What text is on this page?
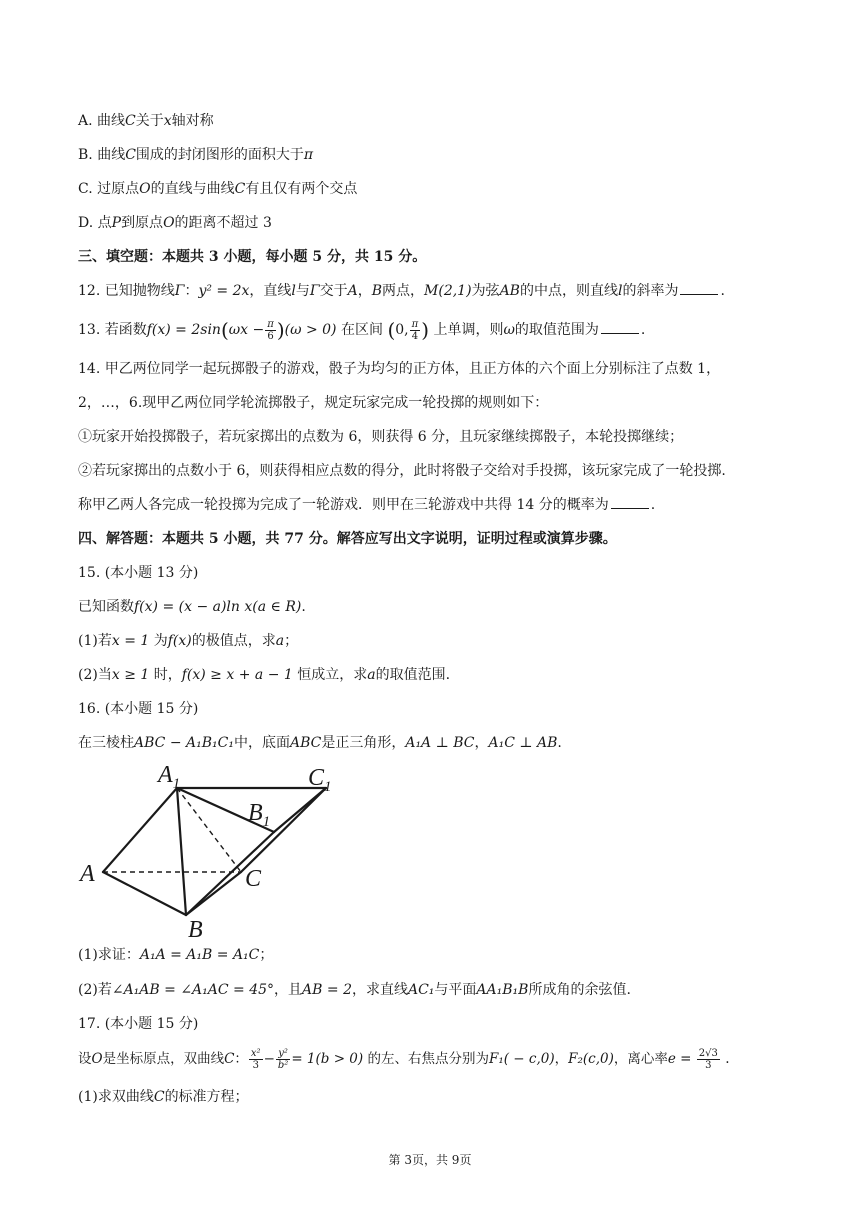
A. 曲线C关于x轴对称
B. 曲线C围成的封闭图形的面积大于π
C. 过原点O的直线与曲线C有且仅有两个交点
D. 点P到原点O的距离不超过 3
三、填空题：本题共 3 小题，每小题 5 分，共 15 分。
12. 已知抛物线Γ：y² = 2x，直线l与Γ交于A，B两点，M(2,1)为弦AB的中点，则直线l的斜率为	.
13. 若函数$f(x) = 2\sin(\omega x - \frac{\pi}{6} )(\omega > 0)$ 在区间 (0, $\frac{\pi}{4}$ ) 上单调，则ω的取值范围为	.
14. 甲乙两位同学一起玩掷骰子的游戏，骰子为均匀的正方体，且正方体的六个面上分别标注了点数 1，
2，…，6.现甲乙两位同学轮流掷骰子，规定玩家完成一轮投掷的规则如下：
①玩家开始投掷骰子，若玩家掷出的点数为 6，则获得 6 分，且玩家继续掷骰子，本轮投掷继续；
②若玩家掷出的点数小于 6，则获得相应点数的得分，此时将骰子交给对手投掷，该玩家完成了一轮投掷.
称甲乙两人各完成一轮投掷为完成了一轮游戏．则甲在三轮游戏中共得 14 分的概率为	.
四、解答题：本题共 5 小题，共 77 分。解答应写出文字说明，证明过程或演算步骤。
15. (本小题 13 分)
已知函数f(x) = (x − a)ln x(a ∈ R).
(1)若x = 1 为f(x)的极值点，求a；
(2)当x ≥ 1 时，f(x) ≥ x + a − 1 恒成立，求a的取值范围.
16. (本小题 15 分)
在三棱柱ABC − A₁B₁C₁中，底面ABC是正三角形，A₁A ⊥ BC，A₁C ⊥ AB.
$A_1$	$C_1$
$B_1$
A	C
B
(1)求证：A₁A = A₁B = A₁C；
(2)若∠A₁AB = ∠A₁AC = 45°，且AB = 2，求直线AC₁与平面AA₁B₁B所成角的余弦值.
17. (本小题 15 分)
设O是坐标原点，双曲线C： $\frac{\text{x²}}{3} - \frac{\text{y²}}{\text{b²}} = 1(b > 0)$ 的左、右焦点分别为F₁( − c,0)，F₂(c,0)，离心率$e = \frac{2√3}{3}$ .
(1)求双曲线C的标准方程；
第 3页，共 9页
